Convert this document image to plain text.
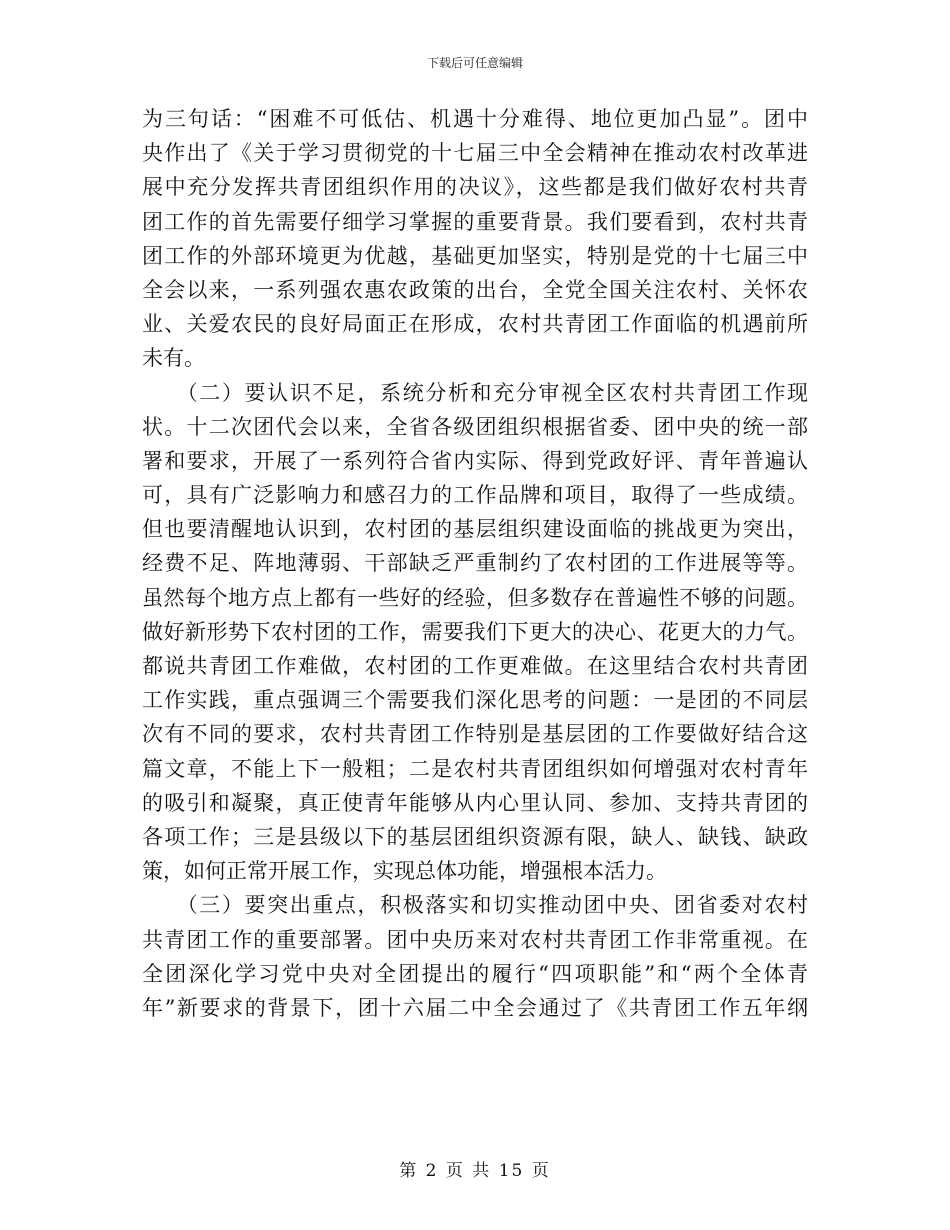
下载后可任意编辑
为三句话：“困难不可低估、机遇十分难得、地位更加凸显”。团中
央作出了《关于学习贯彻党的十七届三中全会精神在推动农村改革进
展中充分发挥共青团组织作用的决议》，这些都是我们做好农村共青
团工作的首先需要仔细学习掌握的重要背景。我们要看到，农村共青
团工作的外部环境更为优越，基础更加坚实，特别是党的十七届三中
全会以来，一系列强农惠农政策的出台，全党全国关注农村、关怀农
业、关爱农民的良好局面正在形成，农村共青团工作面临的机遇前所
未有。
　　（二）要认识不足，系统分析和充分审视全区农村共青团工作现
状。十二次团代会以来，全省各级团组织根据省委、团中央的统一部
署和要求，开展了一系列符合省内实际、得到党政好评、青年普遍认
可，具有广泛影响力和感召力的工作品牌和项目，取得了一些成绩。
但也要清醒地认识到，农村团的基层组织建设面临的挑战更为突出，
经费不足、阵地薄弱、干部缺乏严重制约了农村团的工作进展等等。
虽然每个地方点上都有一些好的经验，但多数存在普遍性不够的问题。
做好新形势下农村团的工作，需要我们下更大的决心、花更大的力气。
都说共青团工作难做，农村团的工作更难做。在这里结合农村共青团
工作实践，重点强调三个需要我们深化思考的问题：一是团的不同层
次有不同的要求，农村共青团工作特别是基层团的工作要做好结合这
篇文章，不能上下一般粗；二是农村共青团组织如何增强对农村青年
的吸引和凝聚，真正使青年能够从内心里认同、参加、支持共青团的
各项工作；三是县级以下的基层团组织资源有限，缺人、缺钱、缺政
策，如何正常开展工作，实现总体功能，增强根本活力。
　　（三）要突出重点，积极落实和切实推动团中央、团省委对农村
共青团工作的重要部署。团中央历来对农村共青团工作非常重视。在
全团深化学习党中央对全团提出的履行“四项职能”和“两个全体青
年”新要求的背景下，团十六届二中全会通过了《共青团工作五年纲
第 2 页 共 15 页
